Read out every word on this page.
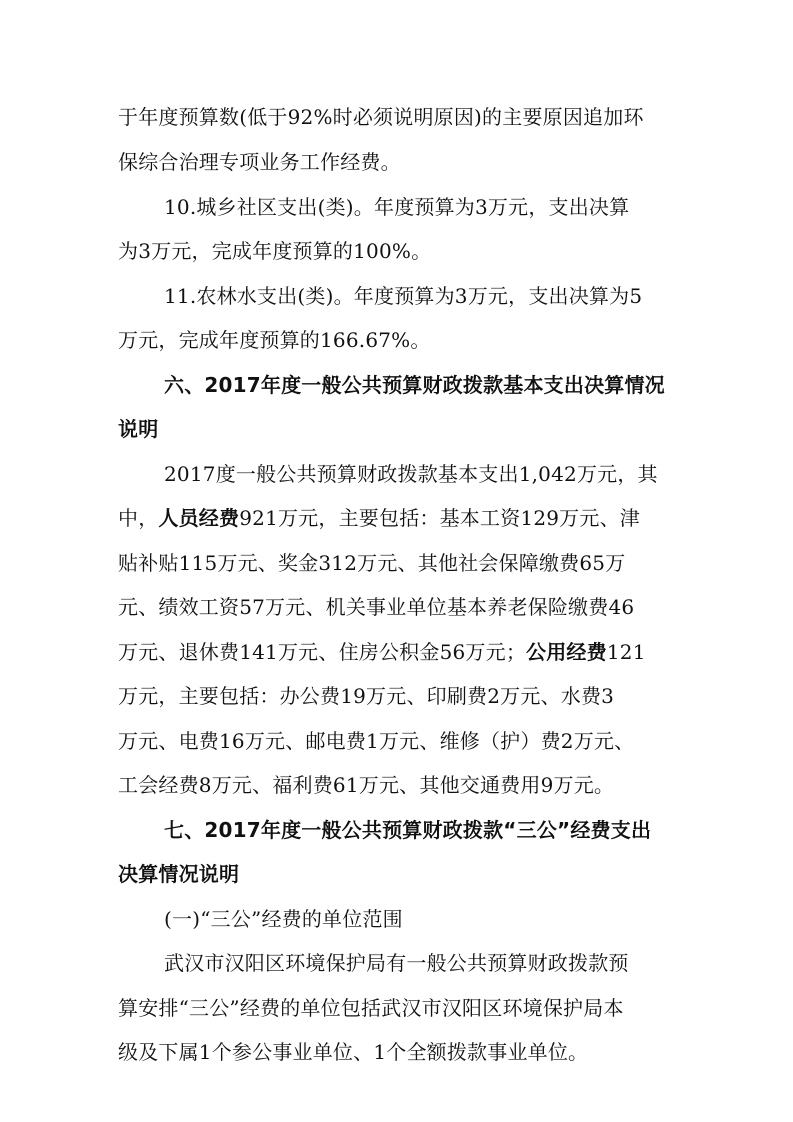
于年度预算数(低于92%时必须说明原因)的主要原因追加环
保综合治理专项业务工作经费。
10.城乡社区支出(类)。年度预算为3万元，支出决算
为3万元，完成年度预算的100%。
11.农林水支出(类)。年度预算为3万元，支出决算为5
万元，完成年度预算的166.67%。
六、2017年度一般公共预算财政拨款基本支出决算情况
说明
2017度一般公共预算财政拨款基本支出1,042万元，其
中，人员经费921万元，主要包括：基本工资129万元、津
贴补贴115万元、奖金312万元、其他社会保障缴费65万
元、绩效工资57万元、机关事业单位基本养老保险缴费46
万元、退休费141万元、住房公积金56万元；公用经费121
万元，主要包括：办公费19万元、印刷费2万元、水费3
万元、电费16万元、邮电费1万元、维修（护）费2万元、
工会经费8万元、福利费61万元、其他交通费用9万元。
七、2017年度一般公共预算财政拨款“三公”经费支出
决算情况说明
(一)“三公”经费的单位范围
武汉市汉阳区环境保护局有一般公共预算财政拨款预
算安排“三公”经费的单位包括武汉市汉阳区环境保护局本
级及下属1个参公事业单位、1个全额拨款事业单位。
